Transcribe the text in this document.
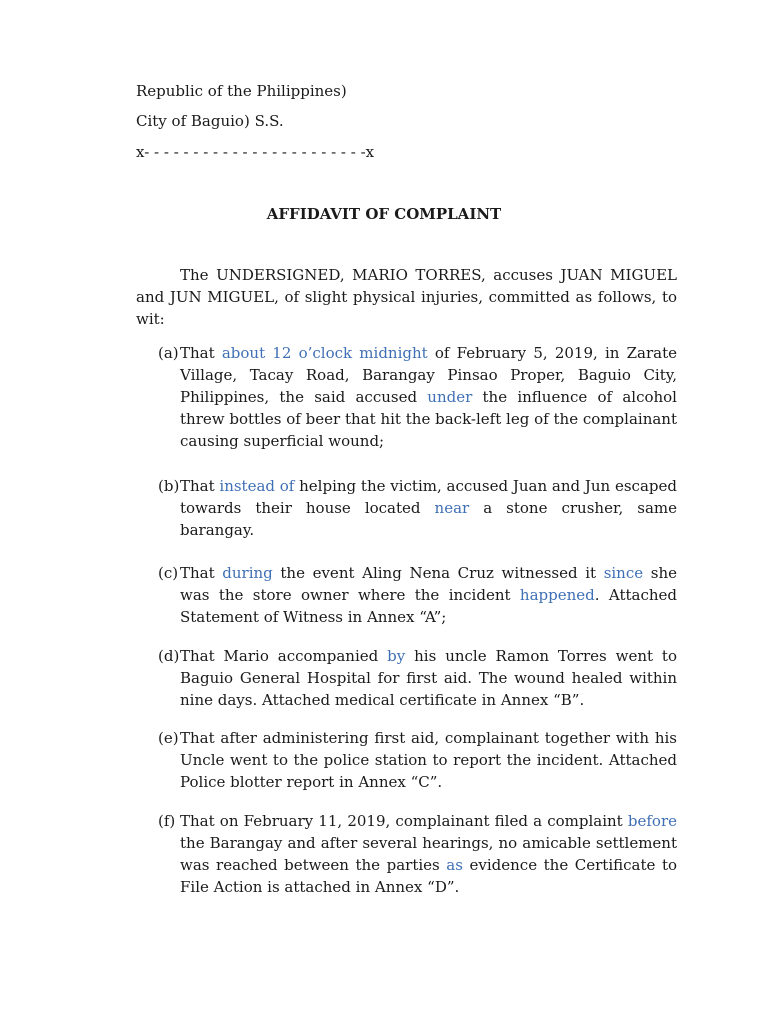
Republic of the Philippines)

City of Baguio) S.S.

x- - - - - - - - - - - - - - - - - - - - - - -x

AFFIDAVIT OF COMPLAINT

The UNDERSIGNED, MARIO TORRES, accuses JUAN MIGUEL and JUN MIGUEL, of slight physical injuries, committed as follows, to wit:

(a) That about 12 o’clock midnight of February 5, 2019, in Zarate Village, Tacay Road, Barangay Pinsao Proper, Baguio City, Philippines, the said accused under the influence of alcohol threw bottles of beer that hit the back-left leg of the complainant causing superficial wound;

(b) That instead of helping the victim, accused Juan and Jun escaped towards their house located near a stone crusher, same barangay.

(c) That during the event Aling Nena Cruz witnessed it since she was the store owner where the incident happened. Attached Statement of Witness in Annex “A”;

(d) That Mario accompanied by his uncle Ramon Torres went to Baguio General Hospital for first aid. The wound healed within nine days. Attached medical certificate in Annex “B”.

(e) That after administering first aid, complainant together with his Uncle went to the police station to report the incident. Attached Police blotter report in Annex “C”.

(f) That on February 11, 2019, complainant filed a complaint before the Barangay and after several hearings, no amicable settlement was reached between the parties as evidence the Certificate to File Action is attached in Annex “D”.
